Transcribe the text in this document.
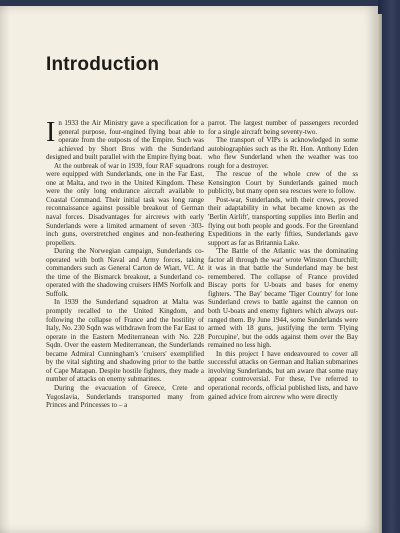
Introduction

In 1933 the Air Ministry gave a specification for a general purpose, four-engined flying boat able to operate from the outposts of the Empire. Such was achieved by Short Bros with the Sunderland designed and built parallel with the Empire flying boat.

At the outbreak of war in 1939, four RAF squadrons were equipped with Sunderlands, one in the Far East, one at Malta, and two in the United Kingdom. These were the only long endurance aircraft available to Coastal Command. Their initial task was long range reconnaissance against possible breakout of German naval forces. Disadvantages for aircrews with early Sunderlands were a limited armament of seven ·303-inch guns, overstretched engines and non-feathering propellers.

During the Norwegian campaign, Sunderlands co-operated with both Naval and Army forces, taking commanders such as General Carton de Wiart, VC. At the time of the Bismarck breakout, a Sunderland co-operated with the shadowing cruisers HMS Norfolk and Suffolk.

In 1939 the Sunderland squadron at Malta was promptly recalled to the United Kingdom, and following the collapse of France and the hostility of Italy, No. 230 Sqdn was withdrawn from the Far East to operate in the Eastern Mediterranean with No. 228 Sqdn. Over the eastern Mediterranean, the Sunderlands became Admiral Cunningham's 'cruisers' exemplified by the vital sighting and shadowing prior to the battle of Cape Matapan. Despite hostile fighters, they made a number of attacks on enemy submarines.

During the evacuation of Greece, Crete and Yugoslavia, Sunderlands transported many from Princes and Princesses to – a

parrot. The largest number of passengers recorded for a single aircraft being seventy-two.

The transport of VIPs is acknowledged in some autobiographies such as the Rt. Hon. Anthony Eden who flew Sunderland when the weather was too rough for a destroyer.

The rescue of the whole crew of the ss Kensington Court by Sunderlands gained much publicity, but many open sea rescues were to follow.

Post-war, Sunderlands, with their crews, proved their adaptability in what became known as the 'Berlin Airlift', transporting supplies into Berlin and flying out both people and goods. For the Greenland Expeditions in the early fifties, Sunderlands gave support as far as Britannia Lake.

'The Battle of the Atlantic was the dominating factor all through the war' wrote Winston Churchill; it was in that battle the Sunderland may be best remembered. The collapse of France provided Biscay ports for U-boats and bases for enemy fighters. 'The Bay' became 'Tiger Country' for lone Sunderland crews to battle against the cannon on both U-boats and enemy fighters which always out-ranged them. By June 1944, some Sunderlands were armed with 18 guns, justifying the term 'Flying Porcupine', but the odds against them over the Bay remained no less high.

In this project I have endeavoured to cover all successful attacks on German and Italian submarines involving Sunderlands, but am aware that some may appear controversial. For these, I've referred to operational records, official published lists, and have gained advice from aircrew who were directly
